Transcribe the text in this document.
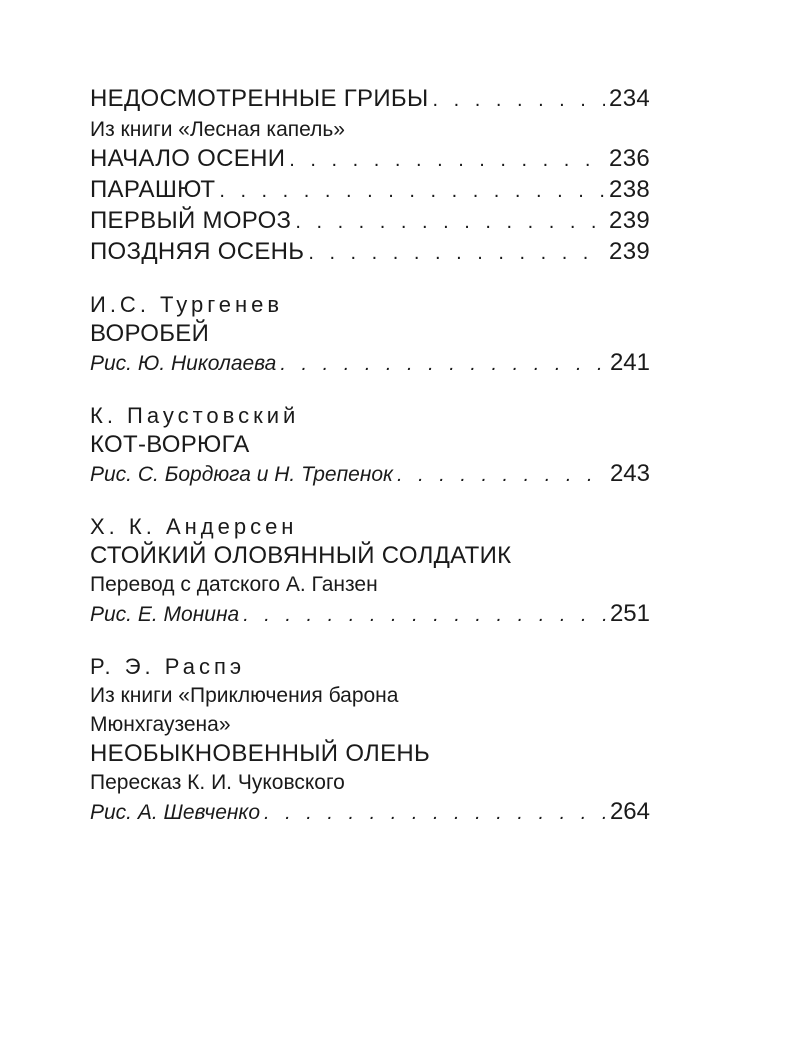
НЕДОСМОТРЕННЫЕ ГРИБЫ . . .	234
Из книги «Лесная капель»
НАЧАЛО ОСЕНИ . . .	236
ПАРАШЮТ . . .	238
ПЕРВЫЙ МОРОЗ . . .	239
ПОЗДНЯЯ ОСЕНЬ . . .	239
И.С. Тургенев
ВОРОБЕЙ
Рис. Ю. Николаева . . .	241
К. Паустовский
КОТ-ВОРЮГА
Рис. С. Бордюга и Н. Трепенок . . .	243
Х. К. Андерсен
СТОЙКИЙ ОЛОВЯННЫЙ СОЛДАТИК
Перевод с датского А. Ганзен
Рис. Е. Монина . . .	251
Р. Э. Распэ
Из книги «Приключения барона
Мюнхгаузена»
НЕОБЫКНОВЕННЫЙ ОЛЕНЬ
Пересказ К. И. Чуковского
Рис. А. Шевченко . . .	264
